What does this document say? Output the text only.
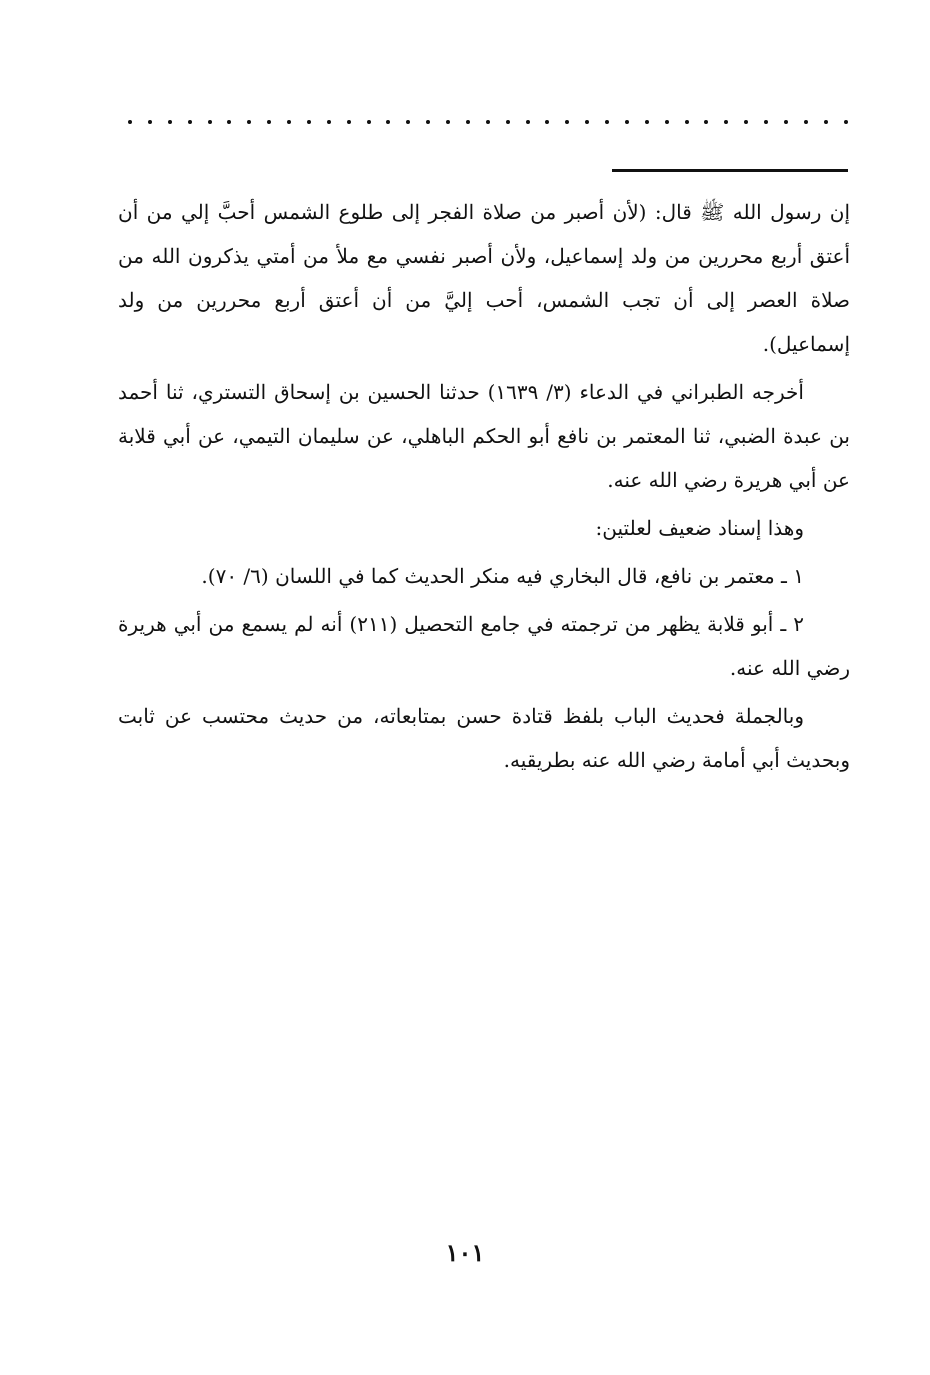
إن رسول الله ﷺ قال: (لأن أصبر من صلاة الفجر إلى طلوع الشمس أحبَّ إلي من أن أعتق أربع محررين من ولد إسماعيل، ولأن أصبر نفسي مع ملأ من أمتي يذكرون الله من صلاة العصر إلى أن تجب الشمس، أحب إليَّ من أن أعتق أربع محررين من ولد إسماعيل).

أخرجه الطبراني في الدعاء (٣/ ١٦٣٩) حدثنا الحسين بن إسحاق التستري، ثنا أحمد بن عبدة الضبي، ثنا المعتمر بن نافع أبو الحكم الباهلي، عن سليمان التيمي، عن أبي قلابة عن أبي هريرة رضي الله عنه.

وهذا إسناد ضعيف لعلتين:

١ ـ معتمر بن نافع، قال البخاري فيه منكر الحديث كما في اللسان (٦/ ٧٠).

٢ ـ أبو قلابة يظهر من ترجمته في جامع التحصيل (٢١١) أنه لم يسمع من أبي هريرة رضي الله عنه.

وبالجملة فحديث الباب بلفظ قتادة حسن بمتابعاته، من حديث محتسب عن ثابت وبحديث أبي أمامة رضي الله عنه بطريقيه.

١٠١
